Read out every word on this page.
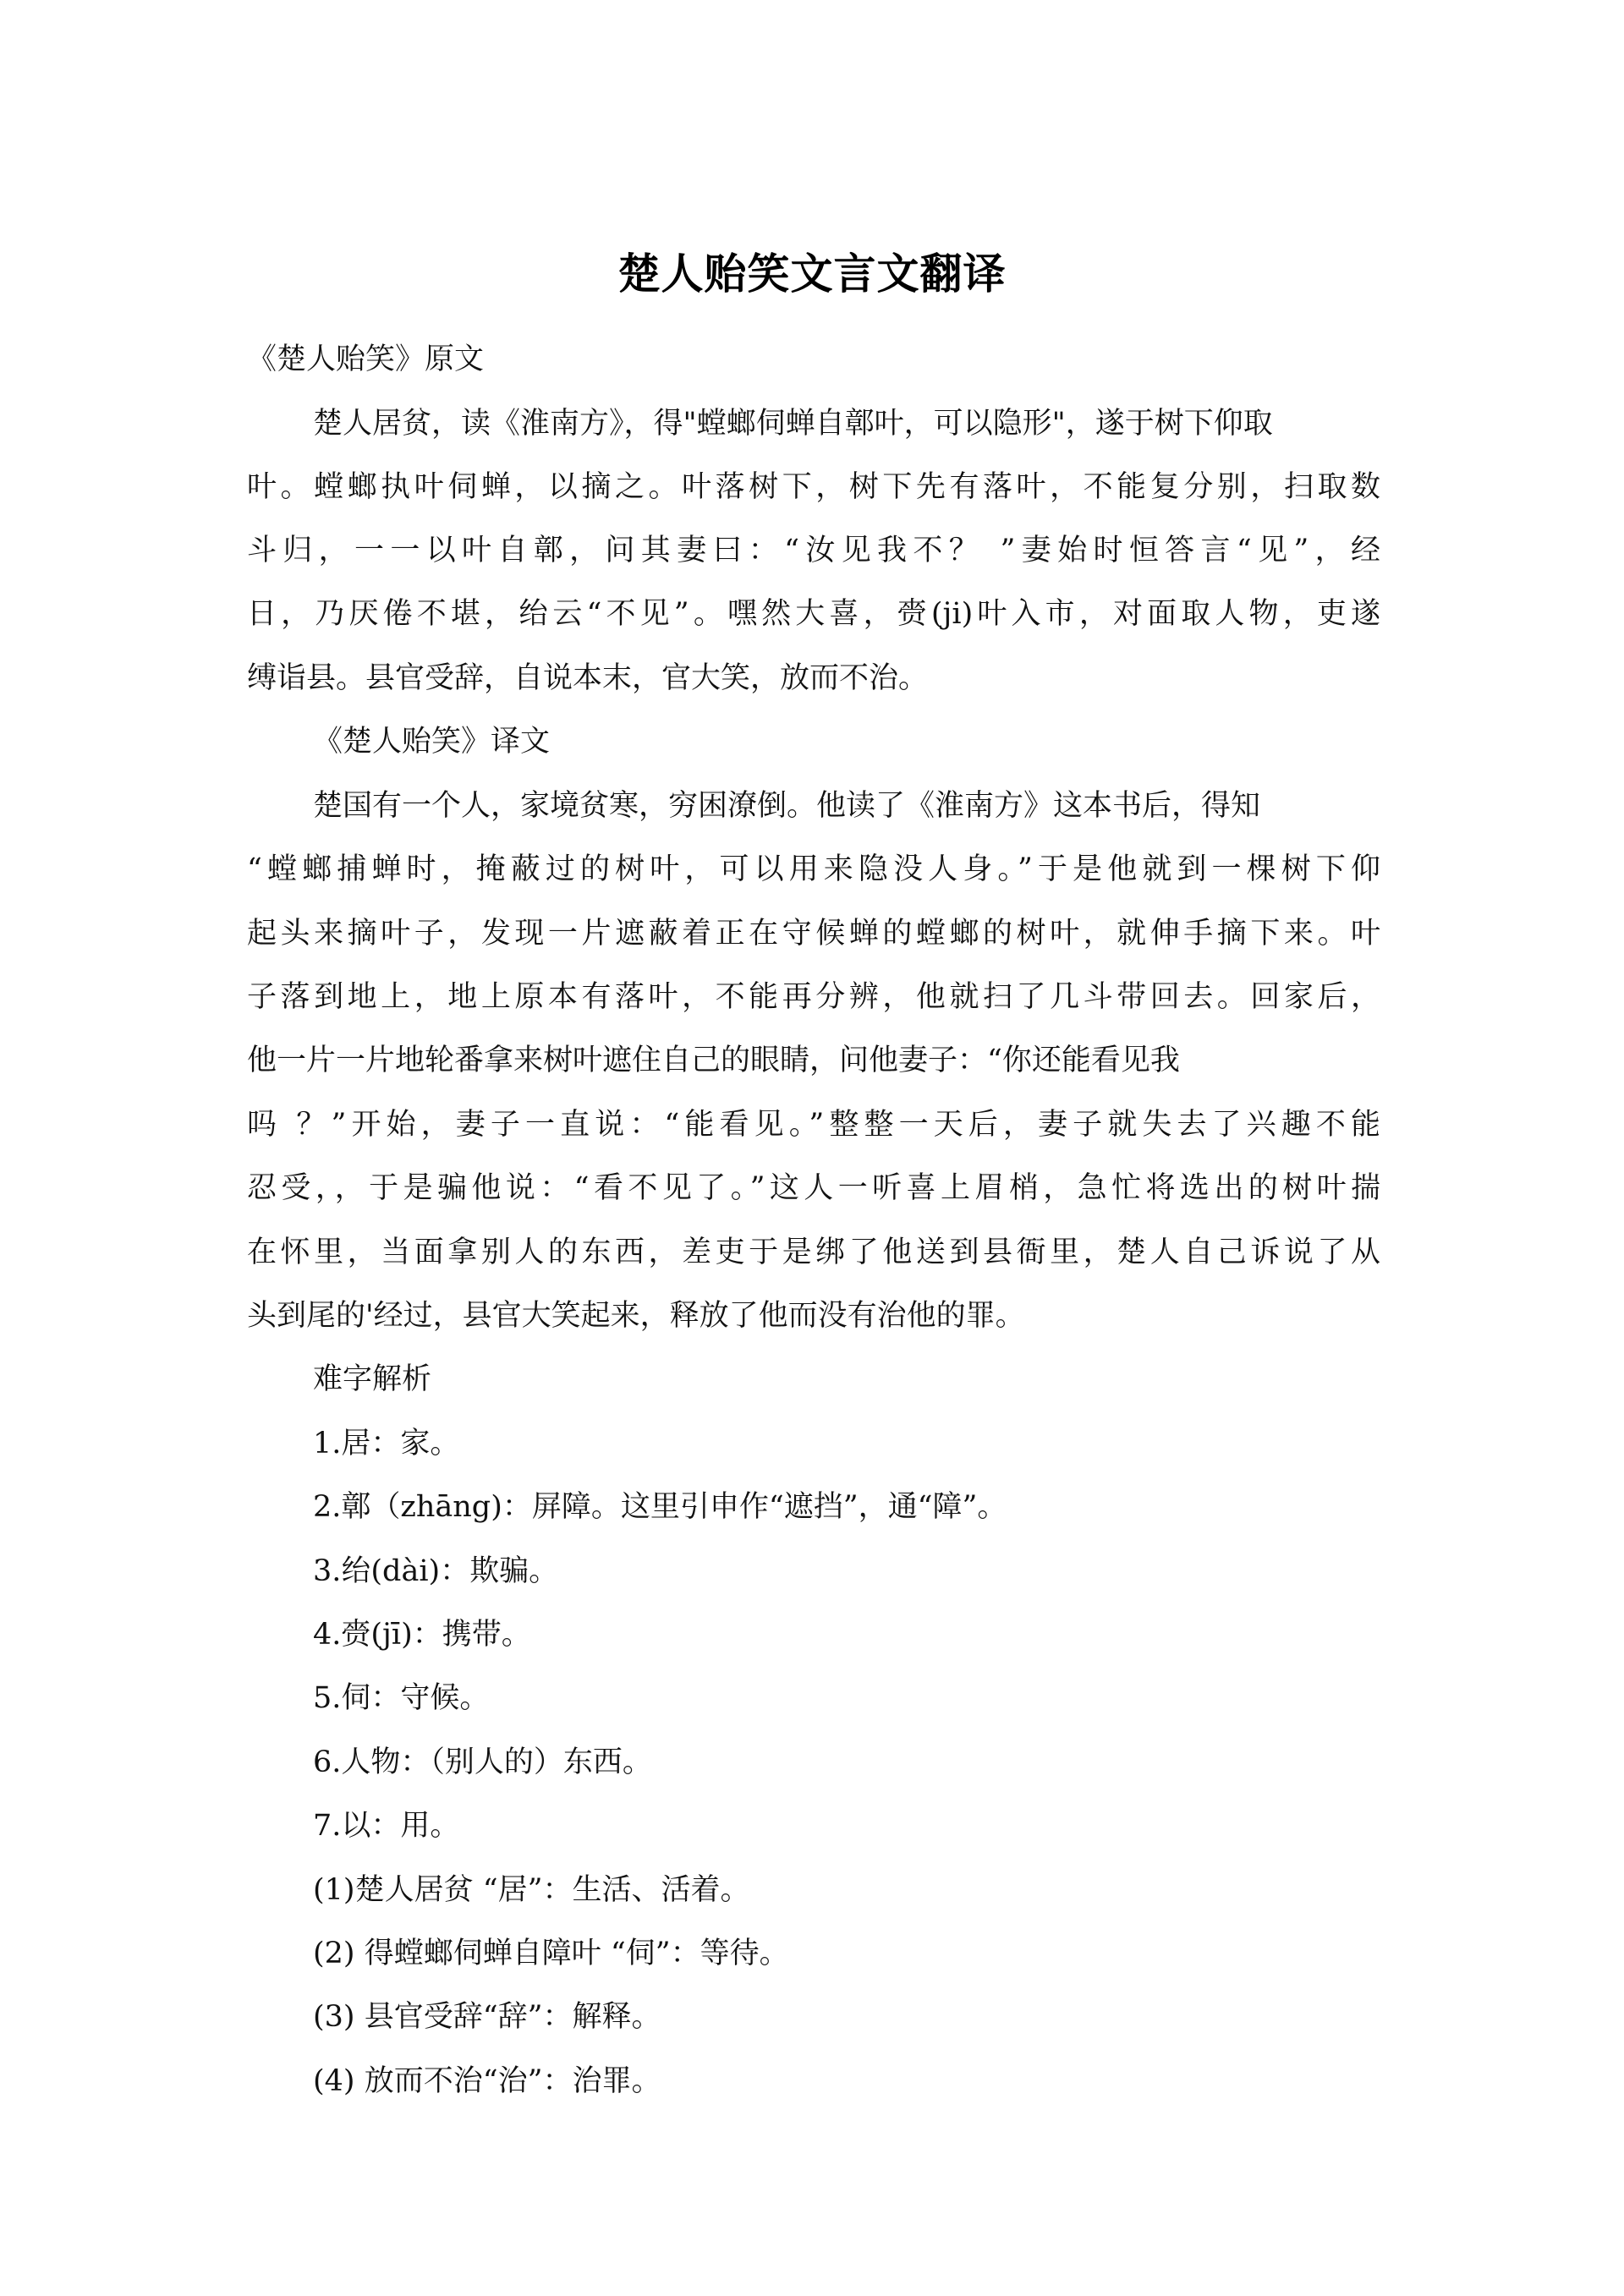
楚人贻笑文言文翻译
《楚人贻笑》原文
楚人居贫，读《淮南方》，得"螳螂伺蝉自鄣叶，可以隐形"，遂于树下仰取
叶。螳螂执叶伺蝉，以摘之。叶落树下，树下先有落叶，不能复分别，扫取数
斗归，一一以叶自鄣，问其妻曰：“汝见我不？ ”妻始时恒答言“见”，经
日，乃厌倦不堪，绐云“不见”。嘿然大喜，赍(ji)叶入市，对面取人物，吏遂
缚诣县。县官受辞，自说本末，官大笑，放而不治。
《楚人贻笑》译文
楚国有一个人，家境贫寒，穷困潦倒。他读了《淮南方》这本书后，得知
“螳螂捕蝉时，掩蔽过的树叶，可以用来隐没人身。”于是他就到一棵树下仰
起头来摘叶子，发现一片遮蔽着正在守候蝉的螳螂的树叶，就伸手摘下来。叶
子落到地上，地上原本有落叶，不能再分辨，他就扫了几斗带回去。回家后，
他一片一片地轮番拿来树叶遮住自己的眼睛，问他妻子：“你还能看见我
吗 ？”开始，妻子一直说：“能看见。”整整一天后，妻子就失去了兴趣不能
忍受，，于是骗他说：“看不见了。”这人一听喜上眉梢，急忙将选出的树叶揣
在怀里，当面拿别人的东西，差吏于是绑了他送到县衙里，楚人自己诉说了从
头到尾的'经过，县官大笑起来，释放了他而没有治他的罪。
难字解析
1.居：家。
2.鄣（zhāng)：屏障。这里引申作“遮挡”，通“障”。
3.绐(dài)：欺骗。
4.赍(jī)：携带。
5.伺：守候。
6.人物：（别人的）东西。
7.以：用。
(1)楚人居贫 “居”：生活、活着。
(2) 得螳螂伺蝉自障叶 “伺”：等待。
(3) 县官受辞“辞”：解释。
(4) 放而不治“治”：治罪。
